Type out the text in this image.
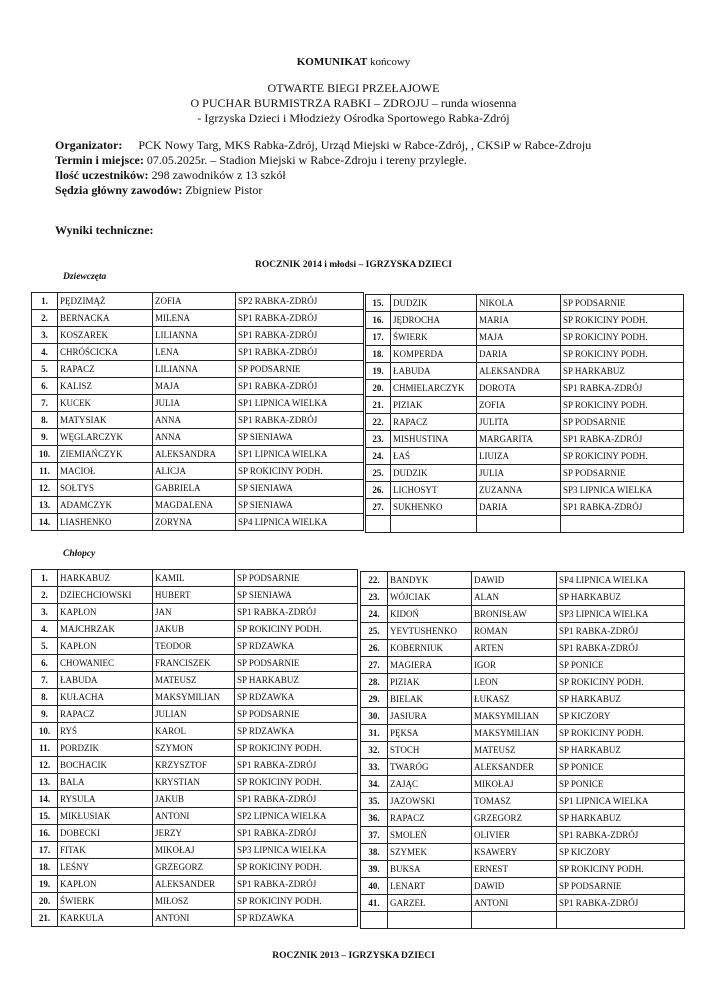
KOMUNIKAT końcowy
OTWARTE BIEGI PRZEŁAJOWE
O PUCHAR BURMISTRZA RABKI – ZDROJU – runda wiosenna
- Igrzyska Dzieci i Młodzieży Ośrodka Sportowego Rabka-Zdrój
Organizator: PCK Nowy Targ, MKS Rabka-Zdrój, Urząd Miejski w Rabce-Zdrój, , CKSiP w Rabce-Zdroju
Termin i miejsce: 07.05.2025r. – Stadion Miejski w Rabce-Zdroju i tereny przyległe.
Ilość uczestników: 298 zawodników z 13 szkół
Sędzia główny zawodów: Zbigniew Pistor
Wyniki techniczne:
ROCZNIK 2014 i młodsi – IGRZYSKA DZIECI
Dziewczęta
1.	PĘDZIMĄŻ	ZOFIA	SP2 RABKA-ZDRÓJ
2.	BERNACKA	MILENA	SP1 RABKA-ZDRÓJ
3.	KOSZAREK	LILIANNA	SP1 RABKA-ZDRÓJ
4.	CHRÓŚCICKA	LENA	SP1 RABKA-ZDRÓJ
5.	RAPACZ	LILIANNA	SP PODSARNIE
6.	KALISZ	MAJA	SP1 RABKA-ZDRÓJ
7.	KUCEK	JULIA	SP1 LIPNICA WIELKA
8.	MATYSIAK	ANNA	SP1 RABKA-ZDRÓJ
9.	WĘGLARCZYK	ANNA	SP SIENIAWA
10.	ZIEMIAŃCZYK	ALEKSANDRA	SP1 LIPNICA WIELKA
11.	MACIOŁ	ALICJA	SP ROKICINY PODH.
12.	SOŁTYS	GABRIELA	SP SIENIAWA
13.	ADAMCZYK	MAGDALENA	SP SIENIAWA
14.	LIASHENKO	ZORYNA	SP4 LIPNICA WIELKA
15.	DUDZIK	NIKOLA	SP PODSARNIE
16.	JĘDROCHA	MARIA	SP ROKICINY PODH.
17.	ŚWIERK	MAJA	SP ROKICINY PODH.
18.	KOMPERDA	DARIA	SP ROKICINY PODH.
19.	ŁABUDA	ALEKSANDRA	SP HARKABUZ
20.	CHMIELARCZYK	DOROTA	SP1 RABKA-ZDRÓJ
21.	PIZIAK	ZOFIA	SP ROKICINY PODH.
22.	RAPACZ	JULITA	SP PODSARNIE
23.	MISHUSTINA	MARGARITA	SP1 RABKA-ZDRÓJ
24.	ŁAŚ	LIUIZA	SP ROKICINY PODH.
25.	DUDZIK	JULIA	SP PODSARNIE
26.	LICHOSYT	ZUZANNA	SP3 LIPNICA WIELKA
27.	SUKHENKO	DARIA	SP1 RABKA-ZDRÓJ

Chłopcy
1.	HARKABUZ	KAMIL	SP PODSARNIE
2.	DZIECHCIOWSKI	HUBERT	SP SIENIAWA
3.	KAPŁON	JAN	SP1 RABKA-ZDRÓJ
4.	MAJCHRZAK	JAKUB	SP ROKICINY PODH.
5.	KAPŁON	TEODOR	SP RDZAWKA
6.	CHOWANIEC	FRANCISZEK	SP PODSARNIE
7.	ŁABUDA	MATEUSZ	SP HARKABUZ
8.	KUŁACHA	MAKSYMILIAN	SP RDZAWKA
9.	RAPACZ	JULIAN	SP PODSARNIE
10.	RYŚ	KAROL	SP RDZAWKA
11.	PORDZIK	SZYMON	SP ROKICINY PODH.
12.	BOCHACIK	KRZYSZTOF	SP1 RABKA-ZDRÓJ
13.	BALA	KRYSTIAN	SP ROKICINY PODH.
14.	RYSULA	JAKUB	SP1 RABKA-ZDRÓJ
15.	MIKŁUSIAK	ANTONI	SP2 LIPNICA WIELKA
16.	DOBECKI	JERZY	SP1 RABKA-ZDRÓJ
17.	FITAK	MIKOŁAJ	SP3 LIPNICA WIELKA
18.	LEŚNY	GRZEGORZ	SP ROKICINY PODH.
19.	KAPŁON	ALEKSANDER	SP1 RABKA-ZDRÓJ
20.	ŚWIERK	MIŁOSZ	SP ROKICINY PODH.
21.	KARKULA	ANTONI	SP RDZAWKA
22.	BANDYK	DAWID	SP4 LIPNICA WIELKA
23.	WÓJCIAK	ALAN	SP HARKABUZ
24.	KIDOŃ	BRONISŁAW	SP3 LIPNICA WIELKA
25.	YEVTUSHENKO	ROMAN	SP1 RABKA-ZDRÓJ
26.	KOBERNIUK	ARTEN	SP1 RABKA-ZDRÓJ
27.	MAGIERA	IGOR	SP PONICE
28.	PIZIAK	LEON	SP ROKICINY PODH.
29.	BIELAK	ŁUKASZ	SP HARKABUZ
30.	JASIURA	MAKSYMILIAN	SP KICZORY
31.	PĘKSA	MAKSYMILIAN	SP ROKICINY PODH.
32.	STOCH	MATEUSZ	SP HARKABUZ
33.	TWARÓG	ALEKSANDER	SP PONICE
34.	ZAJĄC	MIKOŁAJ	SP PONICE
35.	JAZOWSKI	TOMASZ	SP1 LIPNICA WIELKA
36.	RAPACZ	GRZEGORZ	SP HARKABUZ
37.	SMOLEŃ	OLIVIER	SP1 RABKA-ZDRÓJ
38.	SZYMEK	KSAWERY	SP KICZORY
39.	BUKSA	ERNEST	SP ROKICINY PODH.
40.	LENART	DAWID	SP PODSARNIE
41.	GARZEŁ	ANTONI	SP1 RABKA-ZDRÓJ

ROCZNIK 2013 – IGRZYSKA DZIECI
